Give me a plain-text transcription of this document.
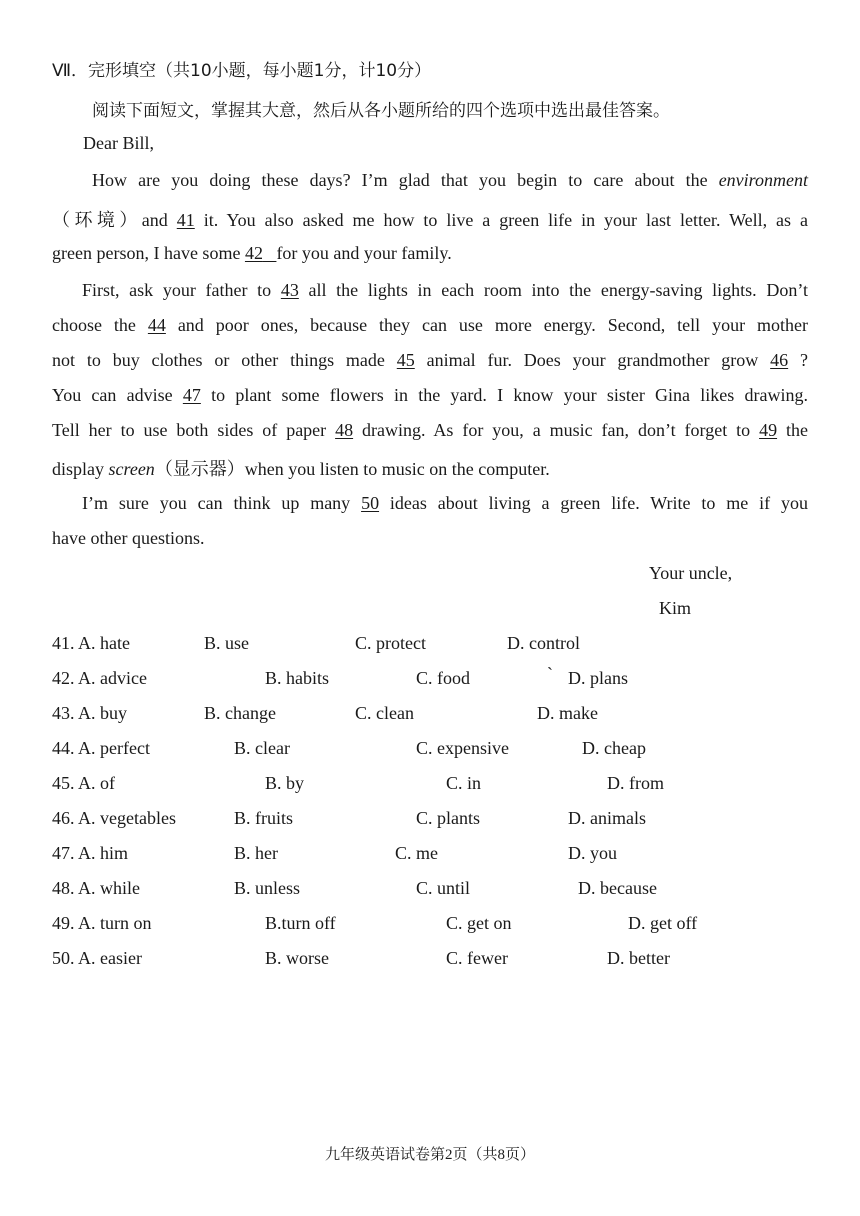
Ⅶ．完形填空（共10小题，每小题1分，计10分）
阅读下面短文，掌握其大意，然后从各小题所给的四个选项中选出最佳答案。
Dear Bill,
How are you doing these days? I’m glad that you begin to care about the environment
（环境）and 41 it. You also asked me how to live a green life in your last letter. Well, as a
green person, I have some 42 for you and your family.
First, ask your father to 43 all the lights in each room into the energy-saving lights. Don’t
choose the 44 and poor ones, because they can use more energy. Second, tell your mother
not to buy clothes or other things made 45 animal fur. Does your grandmother grow 46 ?
You can advise 47 to plant some flowers in the yard. I know your sister Gina likes drawing.
Tell her to use both sides of paper 48 drawing. As for you, a music fan, don’t forget to 49 the
display screen（显示器）when you listen to music on the computer.
I’m sure you can think up many 50 ideas about living a green life. Write to me if you
have other questions.
Your uncle,
Kim
41. A. hate	B. use	C. protect	D. control
42. A. advice	B. habits	C. food	` D. plans
43. A. buy	B. change	C. clean	D. make
44. A. perfect	B. clear	C. expensive	D. cheap
45. A. of	B. by	C. in	D. from
46. A. vegetables	B. fruits	C. plants	D. animals
47. A. him	B. her	C. me	D. you
48. A. while	B. unless	C. until	D. because
49. A. turn on	B.turn off	C. get on	D. get off
50. A. easier	B. worse	C. fewer	D. better
九年级英语试卷第2页（共8页）
